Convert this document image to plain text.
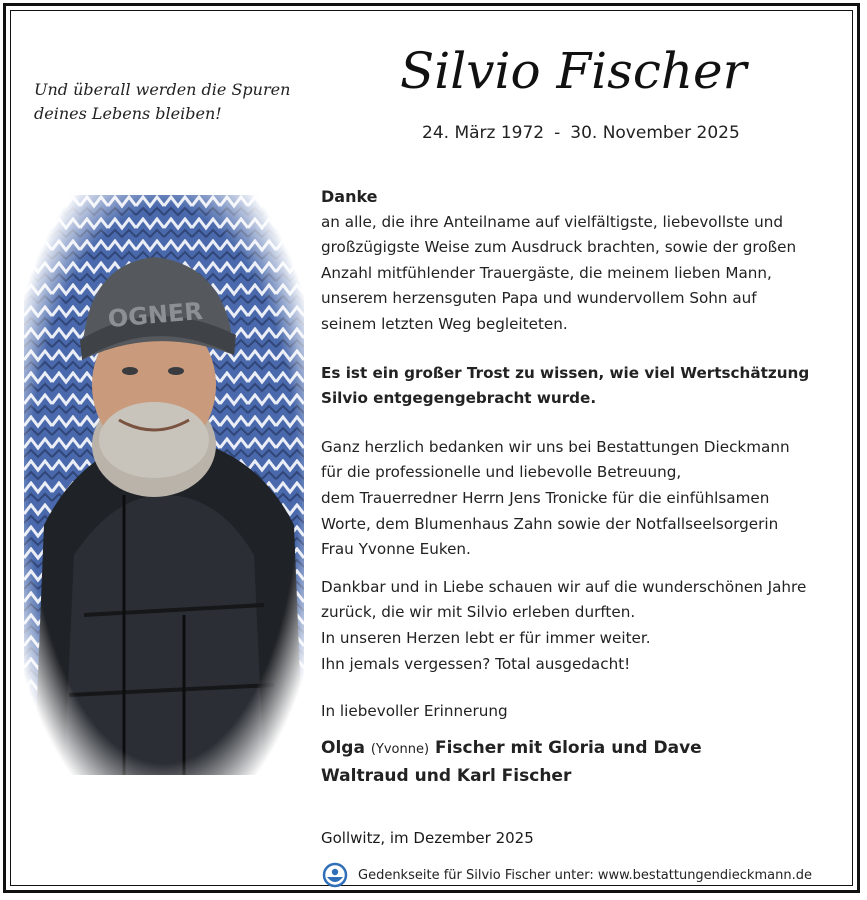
Und überall werden die Spuren
deines Lebens bleiben!
Silvio Fischer
24. März 1972 - 30. November 2025
Danke

an alle, die ihre Anteilname auf vielfältigste, liebevollste und
großzügigste Weise zum Ausdruck brachten, sowie der großen
Anzahl mitfühlender Trauergäste, die meinem lieben Mann,
unserem herzensguten Papa und wundervollem Sohn auf
seinem letzten Weg begleiteten.

Es ist ein großer Trost zu wissen, wie viel Wertschätzung
Silvio entgegengebracht wurde.

Ganz herzlich bedanken wir uns bei Bestattungen Dieckmann
für die professionelle und liebevolle Betreuung,
dem Trauerredner Herrn Jens Tronicke für die einfühlsamen
Worte, dem Blumenhaus Zahn sowie der Notfallseelsorgerin
Frau Yvonne Euken.

Dankbar und in Liebe schauen wir auf die wunderschönen Jahre
zurück, die wir mit Silvio erleben durften.
In unseren Herzen lebt er für immer weiter.
Ihn jemals vergessen? Total ausgedacht!

In liebevoller Erinnerung
Olga (Yvonne) Fischer mit Gloria und Dave
Waltraud und Karl Fischer
Gollwitz, im Dezember 2025
Gedenkseite für Silvio Fischer unter: www.bestattungendieckmann.de
